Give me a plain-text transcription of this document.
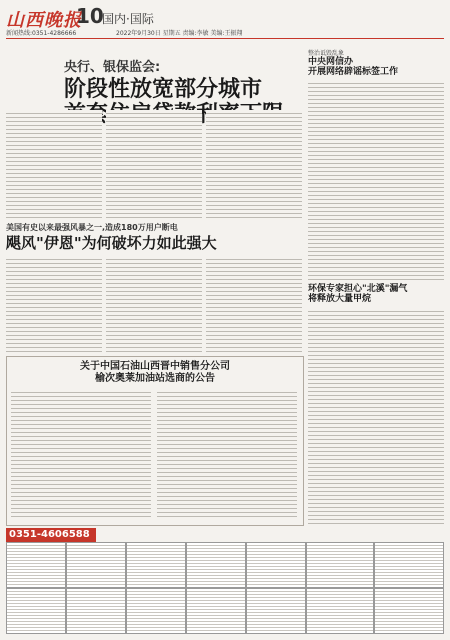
山西晚报
10
国内·国际
新闻热线:0351-4286666	2022年9月30日 星期五 责编:李敏 美编:王振翔
央行、银保监会:
阶段性放宽部分城市
美国有史以来最强风暴之一,造成180万用户断电
飓风"伊恩"为何破坏力如此强大
关于中国石油山西晋中销售分公司
榆次奥莱加油站选商的公告
整治诋毁乱象
中央网信办
开展网络辟谣标签工作
环保专家担心"北溪"漏气
将释放大量甲烷
0351-4606588
